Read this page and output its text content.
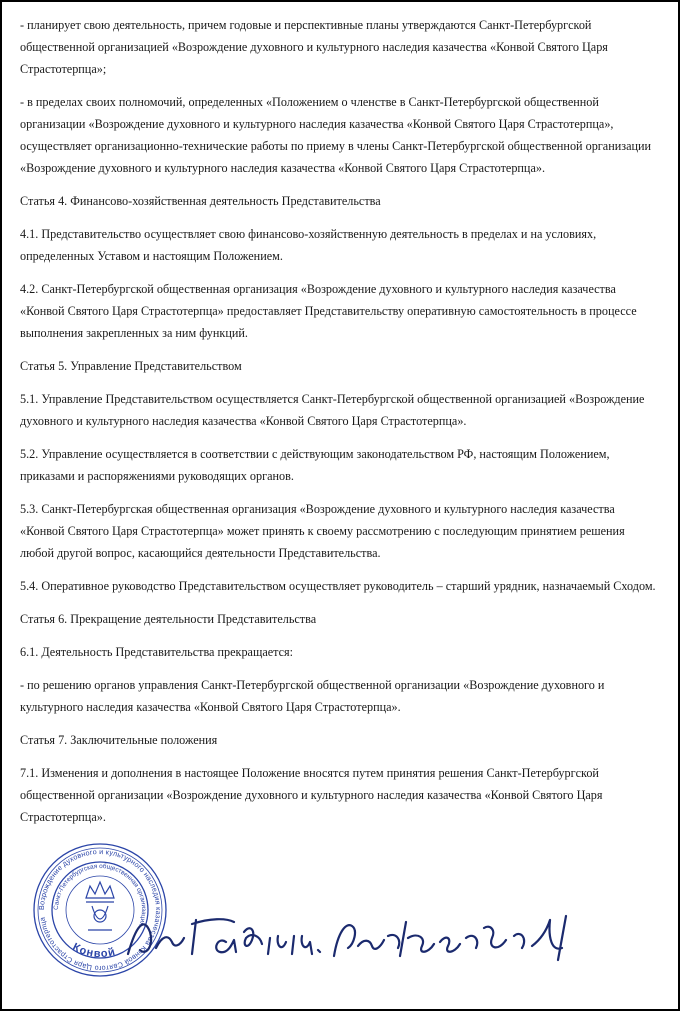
- планирует свою деятельность, причем годовые и перспективные планы утверждаются Санкт-Петербургской общественной организацией «Возрождение духовного и культурного наследия казачества «Конвой Святого Царя Страстотерпца»;

- в пределах своих полномочий, определенных «Положением о членстве в Санкт-Петербургской общественной организации «Возрождение духовного и культурного наследия казачества «Конвой Святого Царя Страстотерпца», осуществляет организационно-технические работы по приему в члены Санкт-Петербургской общественной организации «Возрождение духовного и культурного наследия казачества «Конвой Святого Царя Страстотерпца».

Статья 4. Финансово-хозяйственная деятельность Представительства

4.1. Представительство осуществляет свою финансово-хозяйственную деятельность в пределах и на условиях, определенных Уставом и настоящим Положением.

4.2. Санкт-Петербургской общественная организация «Возрождение духовного и культурного наследия казачества «Конвой Святого Царя Страстотерпца» предоставляет Представительству оперативную самостоятельность в процессе выполнения закрепленных за ним функций.

Статья 5. Управление Представительством

5.1. Управление Представительством осуществляется Санкт-Петербургской общественной организацией «Возрождение духовного и культурного наследия казачества «Конвой Святого Царя Страстотерпца».

5.2. Управление осуществляется в соответствии с действующим законодательством РФ, настоящим Положением, приказами и распоряжениями руководящих органов.

5.3. Санкт-Петербургская общественная организация «Возрождение духовного и культурного наследия казачества «Конвой Святого Царя Страстотерпца» может принять к своему рассмотрению с последующим принятием решения любой другой вопрос, касающийся деятельности Представительства.

5.4. Оперативное руководство Представительством осуществляет руководитель – старший урядник, назначаемый Сходом.

Статья 6. Прекращение деятельности Представительства

6.1. Деятельность Представительства прекращается:

- по решению органов управления Санкт-Петербургской общественной организации «Возрождение духовного и культурного наследия казачества «Конвой Святого Царя Страстотерпца».

Статья 7. Заключительные положения

7.1. Изменения и дополнения в настоящее Положение вносятся путем принятия решения Санкт-Петербургской общественной организации «Возрождение духовного и культурного наследия казачества «Конвой Святого Царя Страстотерпца».

Возрождение духовного и культурного наследия казачества Конвой Святого Царя Страстотерпца
Санкт-Петербургская общественная организация
Конвой
